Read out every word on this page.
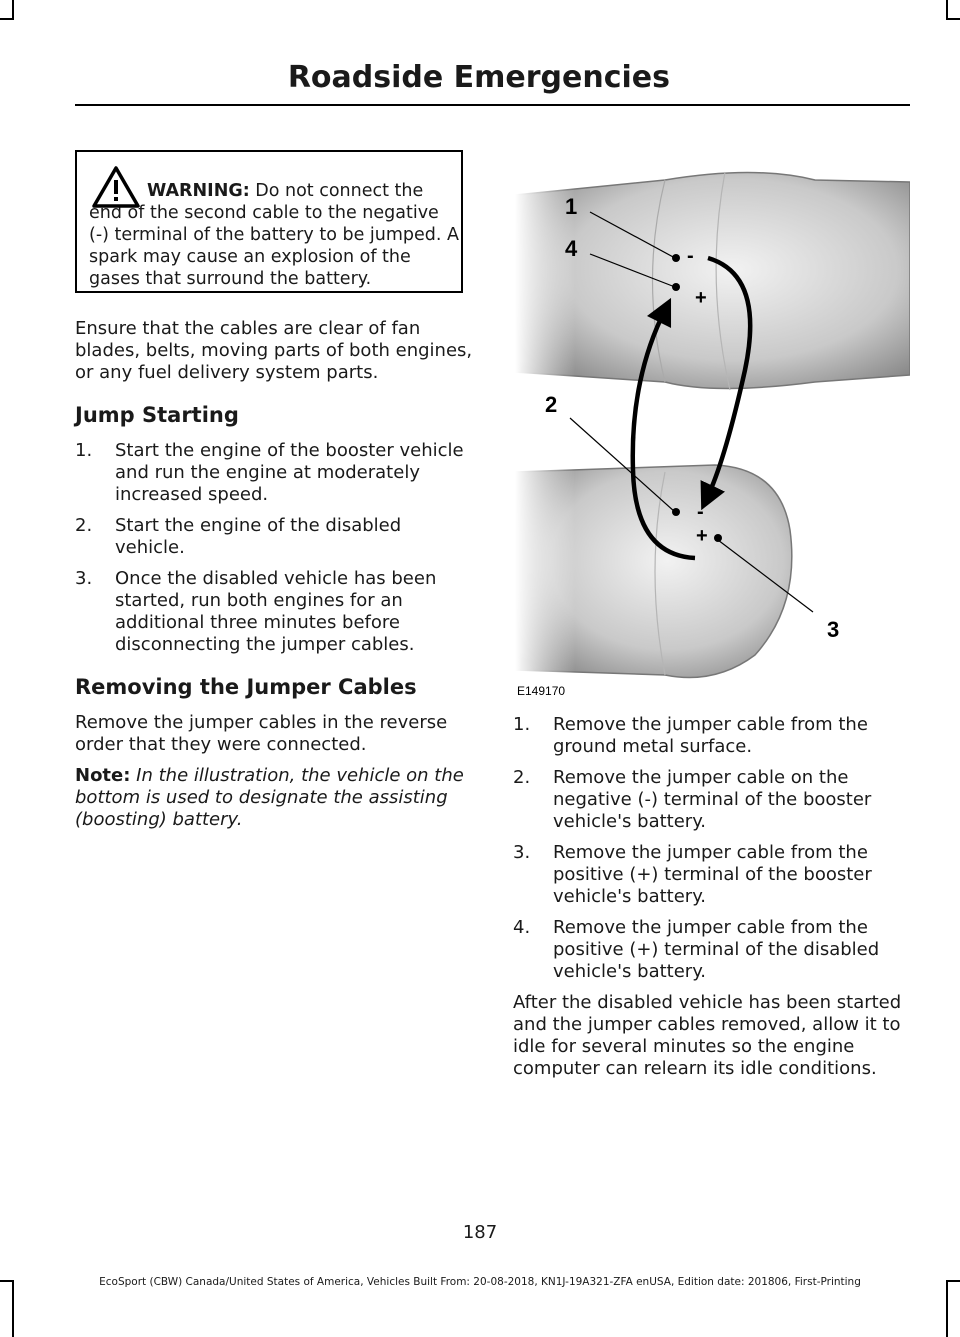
Roadside Emergencies
WARNING: Do not connect the end of the second cable to the negative (-) terminal of the battery to be jumped. A spark may cause an explosion of the gases that surround the battery.

Ensure that the cables are clear of fan blades, belts, moving parts of both engines, or any fuel delivery system parts.

Jump Starting
1. Start the engine of the booster vehicle and run the engine at moderately increased speed.
2. Start the engine of the disabled vehicle.
3. Once the disabled vehicle has been started, run both engines for an additional three minutes before disconnecting the jumper cables.
Removing the Jumper Cables

Remove the jumper cables in the reverse order that they were connected.

Note: In the illustration, the vehicle on the bottom is used to designate the assisting (boosting) battery.

-
+
-
+
1
4
2
3
E149170
1. Remove the jumper cable from the ground metal surface.
2. Remove the jumper cable on the negative (-) terminal of the booster vehicle's battery.
3. Remove the jumper cable from the positive (+) terminal of the booster vehicle's battery.
4. Remove the jumper cable from the positive (+) terminal of the disabled vehicle's battery.

After the disabled vehicle has been started and the jumper cables removed, allow it to idle for several minutes so the engine computer can relearn its idle conditions.

187
EcoSport (CBW) Canada/United States of America, Vehicles Built From: 20-08-2018, KN1J-19A321-ZFA enUSA, Edition date: 201806, First-Printing
